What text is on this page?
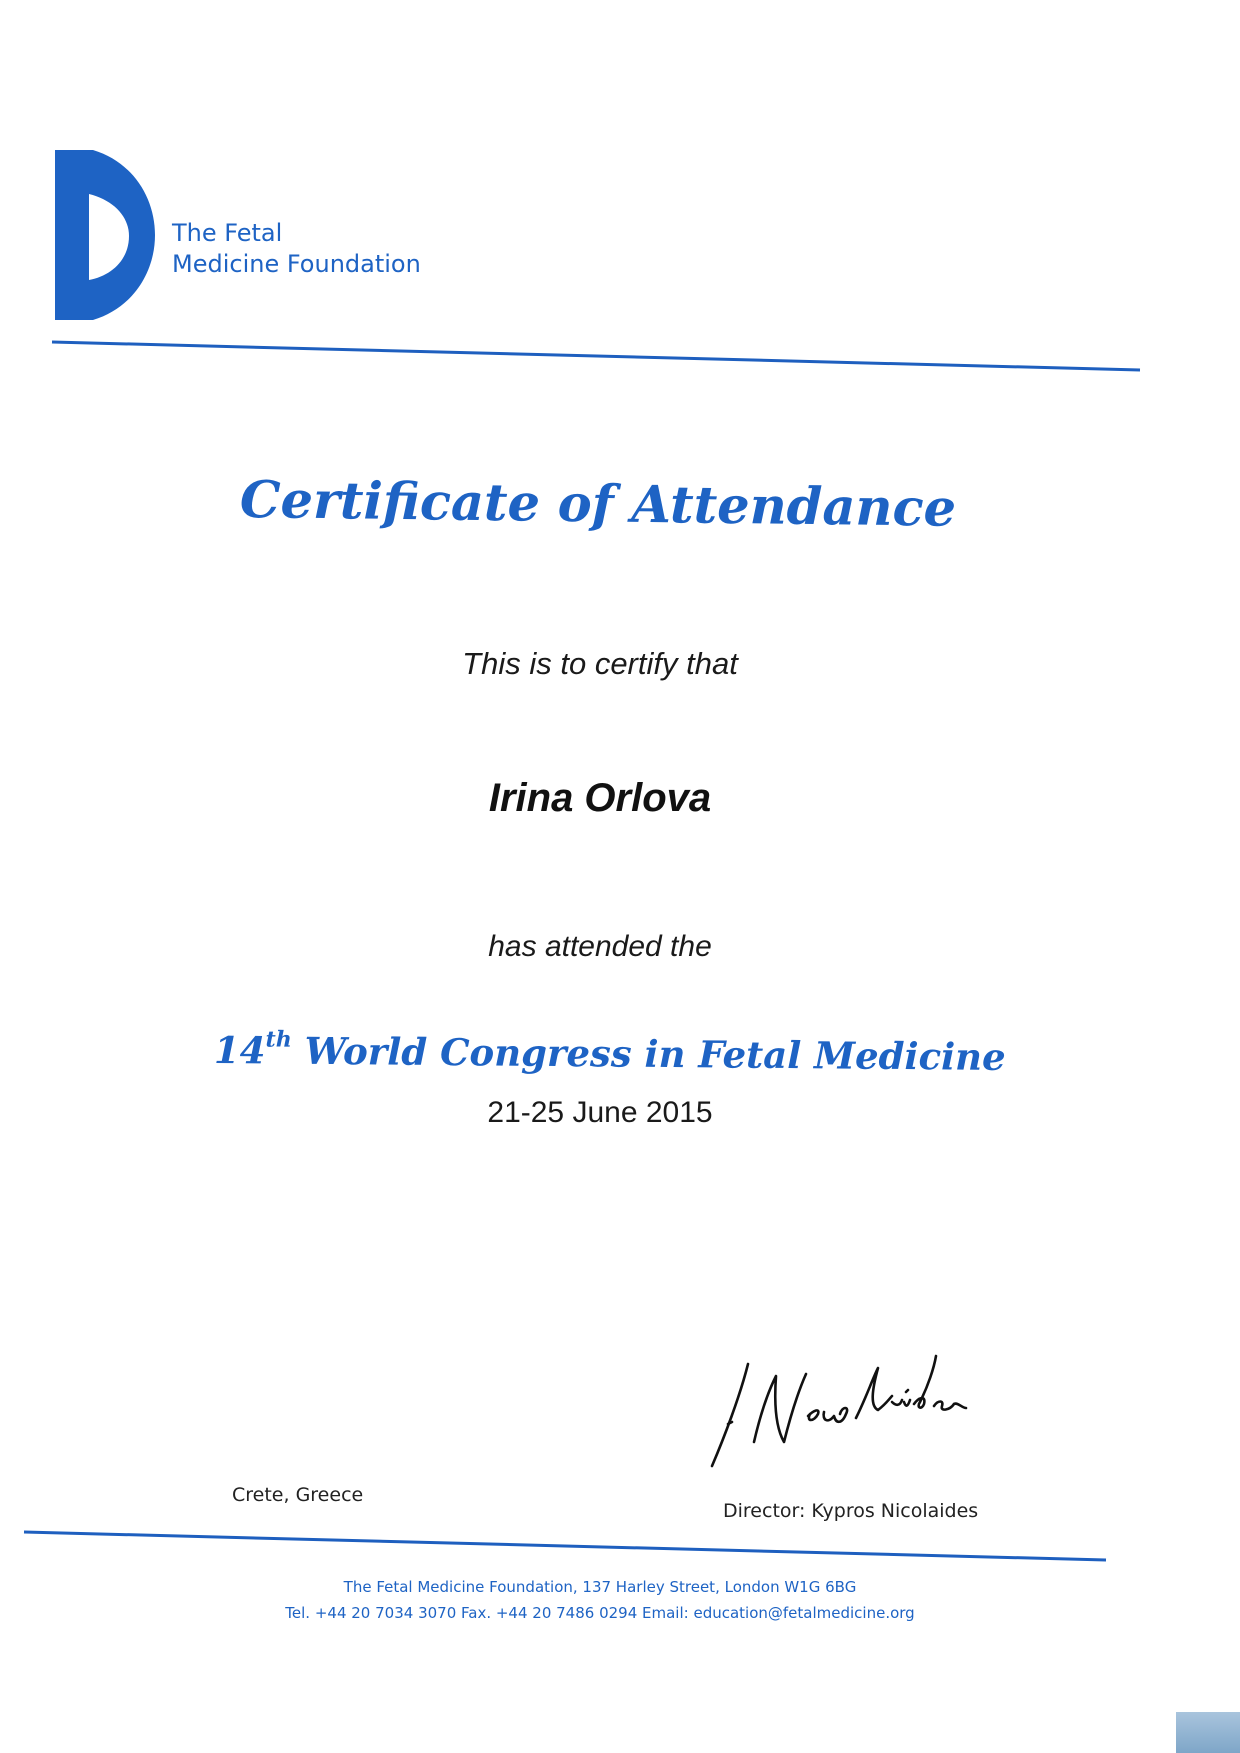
The Fetal
Medicine Foundation
Certificate of Attendance
This is to certify that
Irina Orlova
has attended the
14th World Congress in Fetal Medicine
21-25 June 2015
Crete, Greece
Director: Kypros Nicolaides
The Fetal Medicine Foundation, 137 Harley Street, London W1G 6BG
Tel. +44 20 7034 3070 Fax. +44 20 7486 0294 Email: education@fetalmedicine.org
